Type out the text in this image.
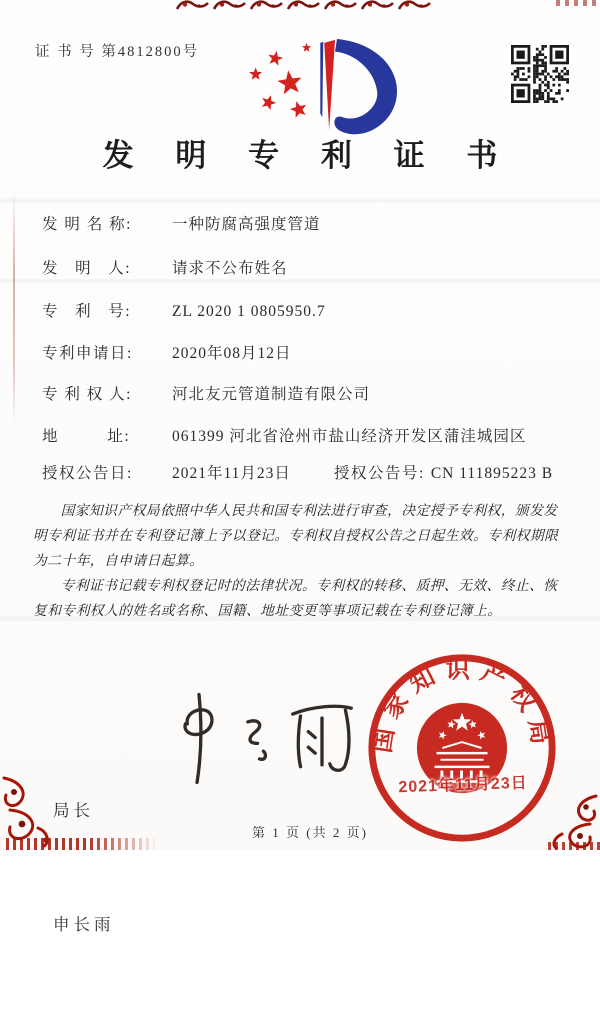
证 书 号 第4812800号
发 明 专 利 证 书
发 明 名 称:	一种防腐高强度管道
发   明   人:	请求不公布姓名
专   利   号:	ZL 2020 1 0805950.7
专利申请日:	2020年08月12日
专 利 权 人:	河北友元管道制造有限公司
地         址:	061399 河北省沧州市盐山经济开发区蒲洼城园区
授权公告日:	2021年11月23日	授权公告号: CN 111895223 B

国家知识产权局依照中华人民共和国专利法进行审查，决定授予专利权，颁发发明专利证书并在专利登记簿上予以登记。专利权自授权公告之日起生效。专利权期限为二十年，自申请日起算。

专利证书记载专利权登记时的法律状况。专利权的转移、质押、无效、终止、恢复和专利权人的姓名或名称、国籍、地址变更等事项记载在专利登记簿上。

局长

申长雨

国家知识产权局
2021年11月23日
第 1 页 (共 2 页)
